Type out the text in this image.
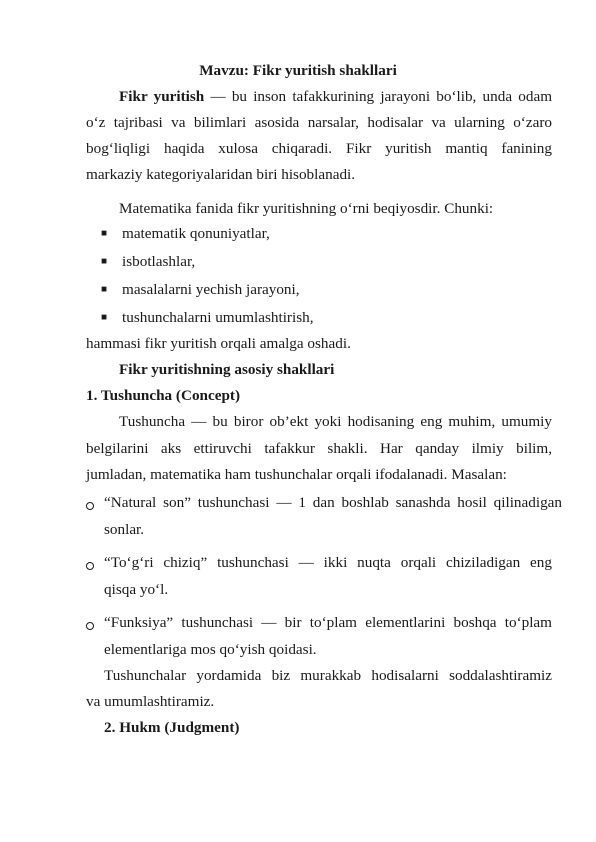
Mavzu: Fikr yuritish shakllari
Fikr yuritish — bu inson tafakkurining jarayoni bo‘lib, unda odam
o‘z tajribasi va bilimlari asosida narsalar, hodisalar va ularning o‘zaro
bog‘liqligi haqida xulosa chiqaradi. Fikr yuritish mantiq fanining
markaziy kategoriyalaridan biri hisoblanadi.
Matematika fanida fikr yuritishning o‘rni beqiyosdir. Chunki:
■ matematik qonuniyatlar,
■ isbotlashlar,
■ masalalarni yechish jarayoni,
■ tushunchalarni umumlashtirish,
hammasi fikr yuritish orqali amalga oshadi.
Fikr yuritishning asosiy shakllari
1. Tushuncha (Concept)
Tushuncha — bu biror ob’ekt yoki hodisaning eng muhim, umumiy
belgilarini aks ettiruvchi tafakkur shakli. Har qanday ilmiy bilim,
jumladan, matematika ham tushunchalar orqali ifodalanadi. Masalan:
“Natural son” tushunchasi — 1 dan boshlab sanashda hosil qilinadigan
sonlar.
“To‘g‘ri chiziq” tushunchasi — ikki nuqta orqali chiziladigan eng
qisqa yo‘l.
“Funksiya” tushunchasi — bir to‘plam elementlarini boshqa to‘plam
elementlariga mos qo‘yish qoidasi.
Tushunchalar yordamida biz murakkab hodisalarni soddalashtiramiz
va umumlashtiramiz.
2. Hukm (Judgment)
